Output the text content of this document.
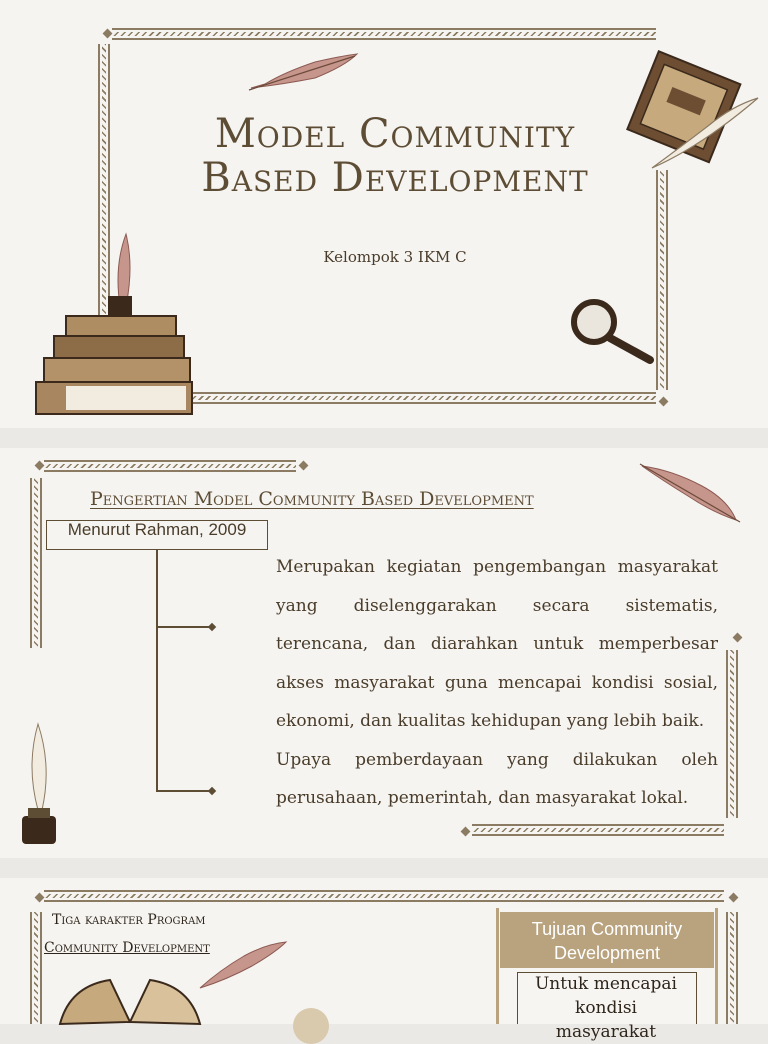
Model Community Based Development
Kelompok 3 IKM C
Pengertian Model Community Based Development
Menurut Rahman, 2009
Merupakan kegiatan pengembangan masyarakat yang diselenggarakan secara sistematis, terencana, dan diarahkan untuk memperbesar akses masyarakat guna mencapai kondisi sosial, ekonomi, dan kualitas kehidupan yang lebih baik.
Upaya pemberdayaan yang dilakukan oleh perusahaan, pemerintah, dan masyarakat lokal.
Tiga karakter Program
Community Development
Tujuan Community Development
Untuk mencapai kondisi masyarakat
